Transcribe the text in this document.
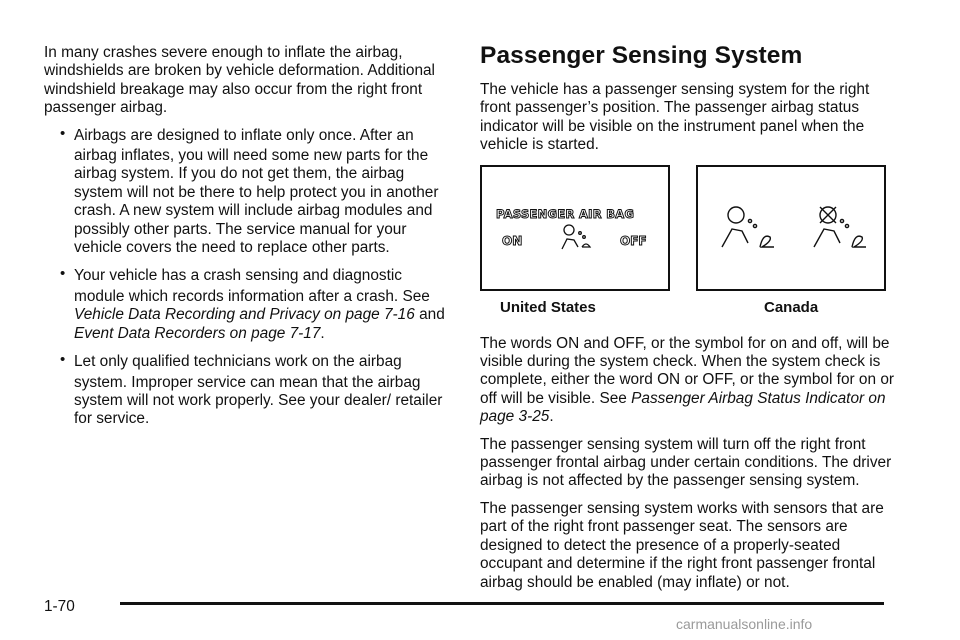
In many crashes severe enough to inflate the airbag, windshields are broken by vehicle deformation. Additional windshield breakage may also occur from the right front passenger airbag.

• Airbags are designed to inflate only once. After an
airbag inflates, you will need some new parts for the airbag system. If you do not get them, the airbag system will not be there to help protect you in another crash. A new system will include airbag modules and possibly other parts. The service manual for your vehicle covers the need to replace other parts.
• Your vehicle has a crash sensing and diagnostic
module which records information after a crash. See Vehicle Data Recording and Privacy on page 7-16 and Event Data Recorders on page 7-17.
• Let only qualified technicians work on the airbag
system. Improper service can mean that the airbag system will not work properly. See your dealer/ retailer for service.
Passenger Sensing System

The vehicle has a passenger sensing system for the right front passenger’s position. The passenger airbag status indicator will be visible on the instrument panel when the vehicle is started.

PASSENGER AIR BAG
ON	OFF
United States	Canada

The words ON and OFF, or the symbol for on and off, will be visible during the system check. When the system check is complete, either the word ON or OFF, or the symbol for on or off will be visible. See Passenger Airbag Status Indicator on page 3-25.

The passenger sensing system will turn off the right front passenger frontal airbag under certain conditions. The driver airbag is not affected by the passenger sensing system.

The passenger sensing system works with sensors that are part of the right front passenger seat. The sensors are designed to detect the presence of a properly-seated occupant and determine if the right front passenger frontal airbag should be enabled (may inflate) or not.

1-70
carmanualsonline.info
